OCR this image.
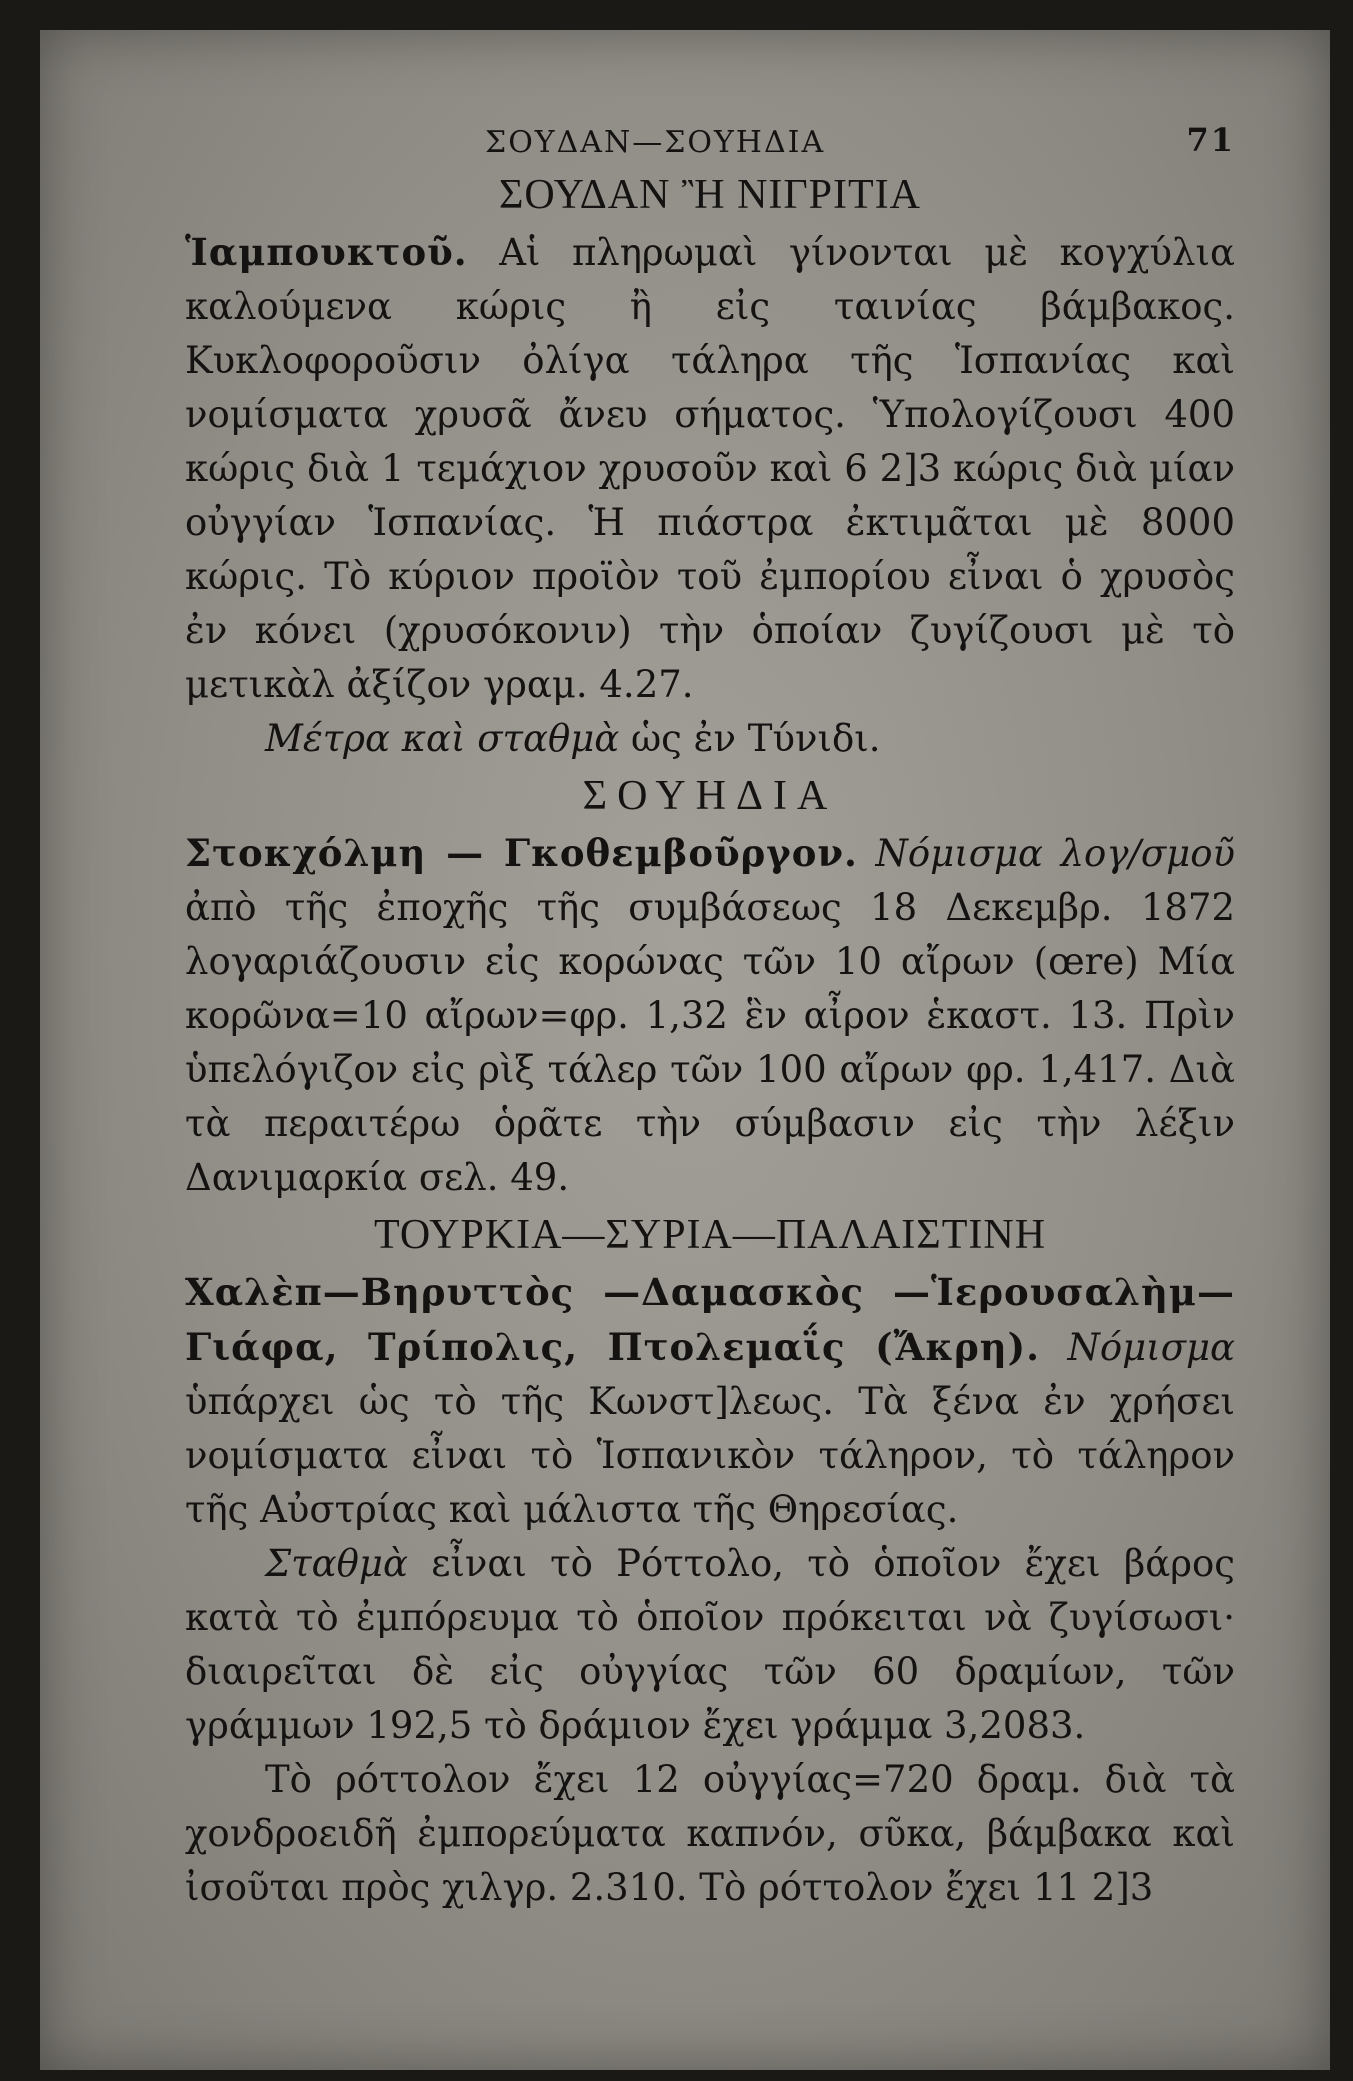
ΣΟΥΔΑΝ—ΣΟΥΗΔΙΑ	71
ΣΟΥΔΑΝ Ἢ ΝΙΓΡΙΤΙΑ

Ἱαμπουκτοῦ. Αἱ πληρωμαὶ γίνονται μὲ κογχύλια καλούμενα κώρις ἢ εἰς ταινίας βάμβακος. Κυκλοφοροῦσιν ὀλίγα τάληρα τῆς Ἱσπανίας καὶ νομίσματα χρυσᾶ ἄνευ σήματος. Ὑπολογίζουσι 400 κώρις διὰ 1 τεμάχιον χρυσοῦν καὶ 6 2]3 κώρις διὰ μίαν οὐγγίαν Ἱσπανίας. Ἡ πιάστρα ἐκτιμᾶται μὲ 8000 κώρις. Τὸ κύριον προϊὸν τοῦ ἐμπορίου εἶναι ὁ χρυσὸς ἐν κόνει (χρυσόκονιν) τὴν ὁποίαν ζυγίζουσι μὲ τὸ μετικὰλ ἀξίζον γραμ. 4.27.

Μέτρα καὶ σταθμὰ ὡς ἐν Τύνιδι.

ΣΟΥΗΔΙΑ

Στοκχόλμη — Γκοθεμβοῦργον. Νόμισμα λογ/σμοῦ ἀπὸ τῆς ἐποχῆς τῆς συμβάσεως 18 Δεκεμβρ. 1872 λογαριάζουσιν εἰς κορώνας τῶν 10 αἴρων (œre) Μία κορῶνα=10 αἴρων=φρ. 1,32 ἓν αἶρον ἑκαστ. 13. Πρὶν ὑπελόγιζον εἰς ρὶξ τάλερ τῶν 100 αἴρων φρ. 1,417. Διὰ τὰ περαιτέρω ὁρᾶτε τὴν σύμβασιν εἰς τὴν λέξιν Δανιμαρκία σελ. 49.

ΤΟΥΡΚΙΑ—ΣΥΡΙΑ—ΠΑΛΑΙΣΤΙΝΗ

Χαλὲπ—Βηρυττὸς —Δαμασκὸς —Ἱερουσαλὴμ—Γιάφα, Τρίπολις, Πτολεμαΐς (Ἄκρη). Νόμισμα ὑπάρχει ὡς τὸ τῆς Κωνστ]λεως. Τὰ ξένα ἐν χρήσει νομίσματα εἶναι τὸ Ἱσπανικὸν τάληρον, τὸ τάληρον τῆς Αὐστρίας καὶ μάλιστα τῆς Θηρεσίας.

Σταθμὰ εἶναι τὸ Ρόττολο, τὸ ὁποῖον ἔχει βάρος κατὰ τὸ ἐμπόρευμα τὸ ὁποῖον πρόκειται νὰ ζυγίσωσι· διαιρεῖται δὲ εἰς οὐγγίας τῶν 60 δραμίων, τῶν γράμμων 192,5 τὸ δράμιον ἔχει γράμμα 3,2083.

Τὸ ρόττολον ἔχει 12 οὐγγίας=720 δραμ. διὰ τὰ χονδροειδῆ ἐμπορεύματα καπνόν, σῦκα, βάμβακα καὶ ἰσοῦται πρὸς χιλγρ. 2.310. Τὸ ρόττολον ἔχει 11 2]3
